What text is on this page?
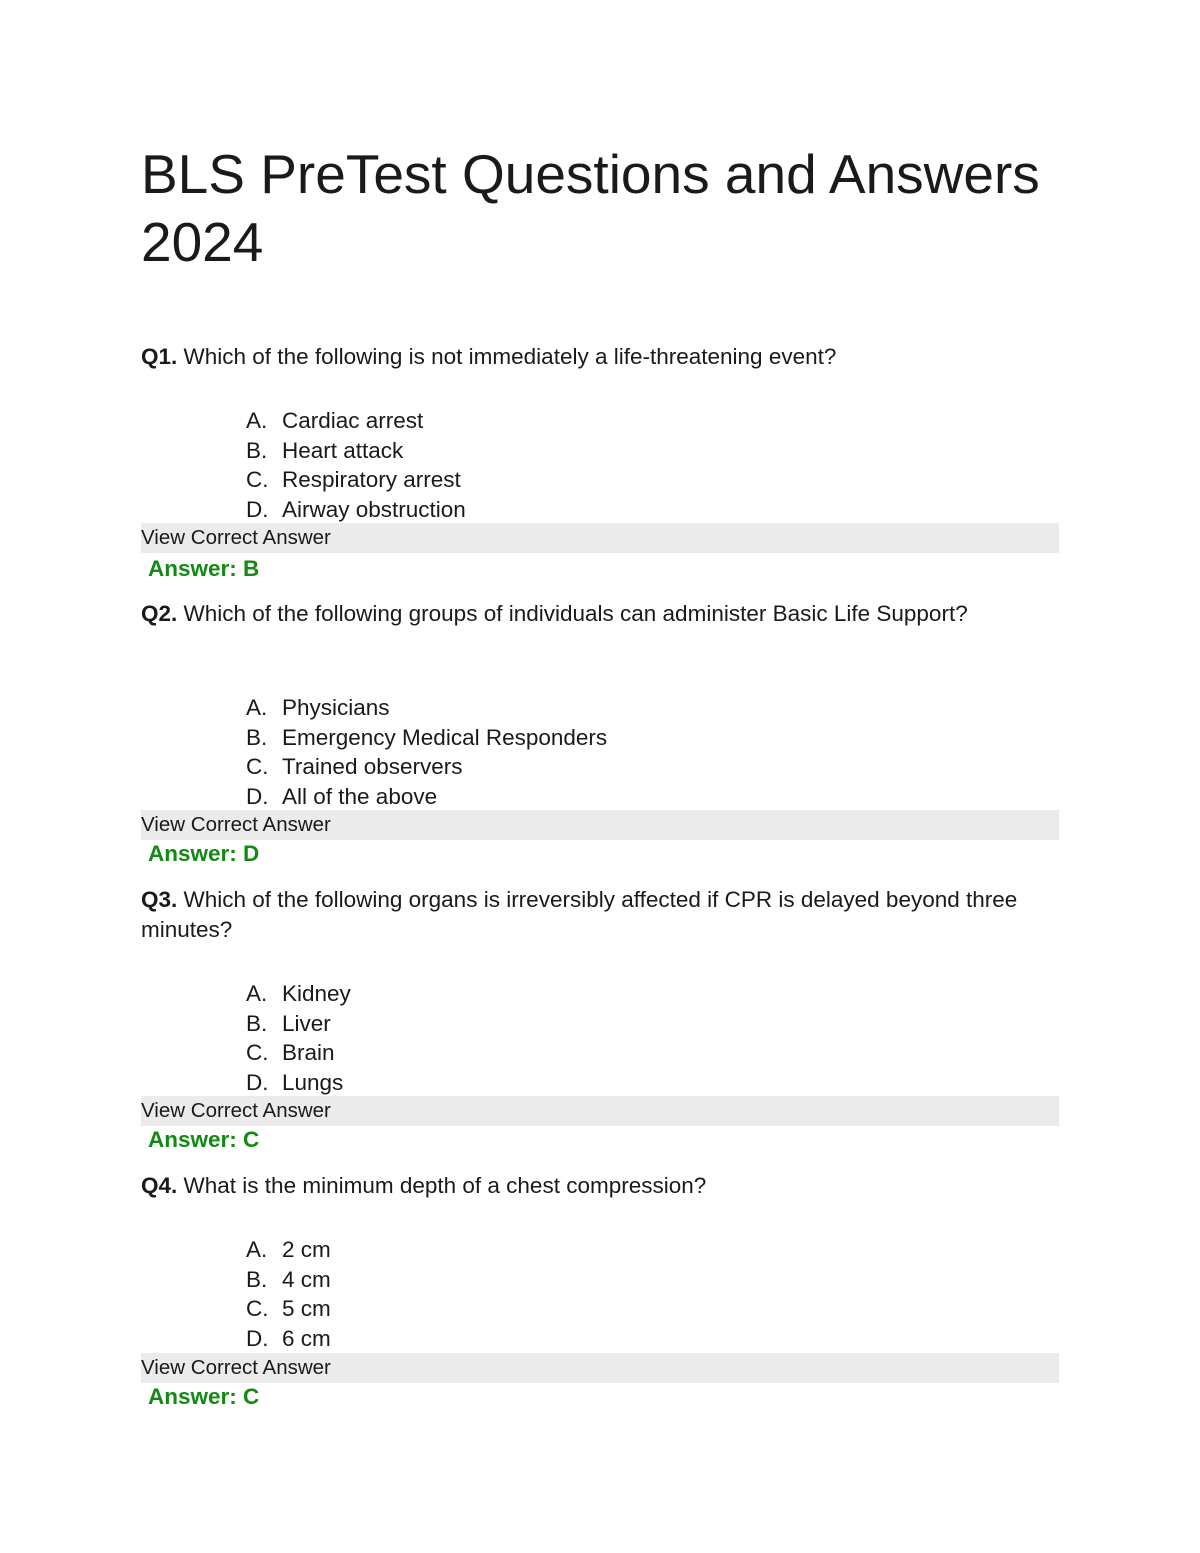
BLS PreTest Questions and Answers 2024

Q1. Which of the following is not immediately a life-threatening event?

A. Cardiac arrest
B. Heart attack
C. Respiratory arrest
D. Airway obstruction
View Correct Answer
Answer: B

Q2. Which of the following groups of individuals can administer Basic Life Support?

A. Physicians
B. Emergency Medical Responders
C. Trained observers
D. All of the above
View Correct Answer
Answer: D

Q3. Which of the following organs is irreversibly affected if CPR is delayed beyond three minutes?

A. Kidney
B. Liver
C. Brain
D. Lungs
View Correct Answer
Answer: C

Q4. What is the minimum depth of a chest compression?

A. 2 cm
B. 4 cm
C. 5 cm
D. 6 cm
View Correct Answer
Answer: C
